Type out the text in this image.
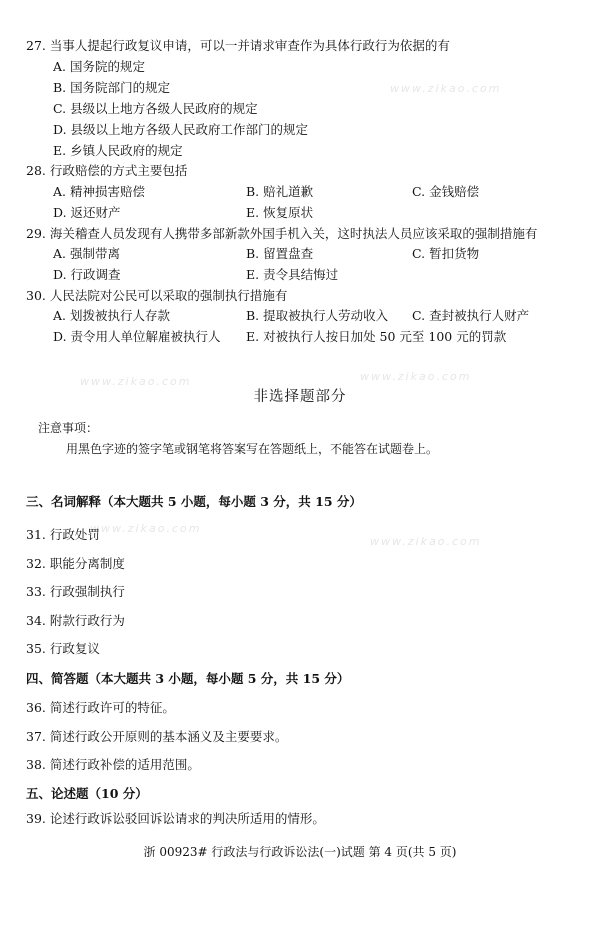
www.zikao.com
www.zikao.com	www.zikao.com
www.zikao.com
www.zikao.com
27. 当事人提起行政复议申请，可以一并请求审查作为具体行政行为依据的有
A. 国务院的规定
B. 国务院部门的规定
C. 县级以上地方各级人民政府的规定
D. 县级以上地方各级人民政府工作部门的规定
E. 乡镇人民政府的规定
28. 行政赔偿的方式主要包括
A. 精神损害赔偿	B. 赔礼道歉	C. 金钱赔偿
D. 返还财产	E. 恢复原状
29. 海关稽查人员发现有人携带多部新款外国手机入关，这时执法人员应该采取的强制措施有
A. 强制带离	B. 留置盘查	C. 暂扣货物
D. 行政调查	E. 责令具结悔过
30. 人民法院对公民可以采取的强制执行措施有
A. 划拨被执行人存款	B. 提取被执行人劳动收入 C. 查封被执行人财产
D. 责令用人单位解雇被执行人 E. 对被执行人按日加处 50 元至 100 元的罚款
非选择题部分
注意事项：
用黑色字迹的签字笔或钢笔将答案写在答题纸上，不能答在试题卷上。
三、名词解释（本大题共 5 小题，每小题 3 分，共 15 分）
31. 行政处罚
32. 职能分离制度
33. 行政强制执行
34. 附款行政行为
35. 行政复议
四、简答题（本大题共 3 小题，每小题 5 分，共 15 分）
36. 简述行政许可的特征。
37. 简述行政公开原则的基本涵义及主要要求。
38. 简述行政补偿的适用范围。
五、论述题（10 分）
39. 论述行政诉讼驳回诉讼请求的判决所适用的情形。
浙 00923# 行政法与行政诉讼法(一)试题 第 4 页(共 5 页)
